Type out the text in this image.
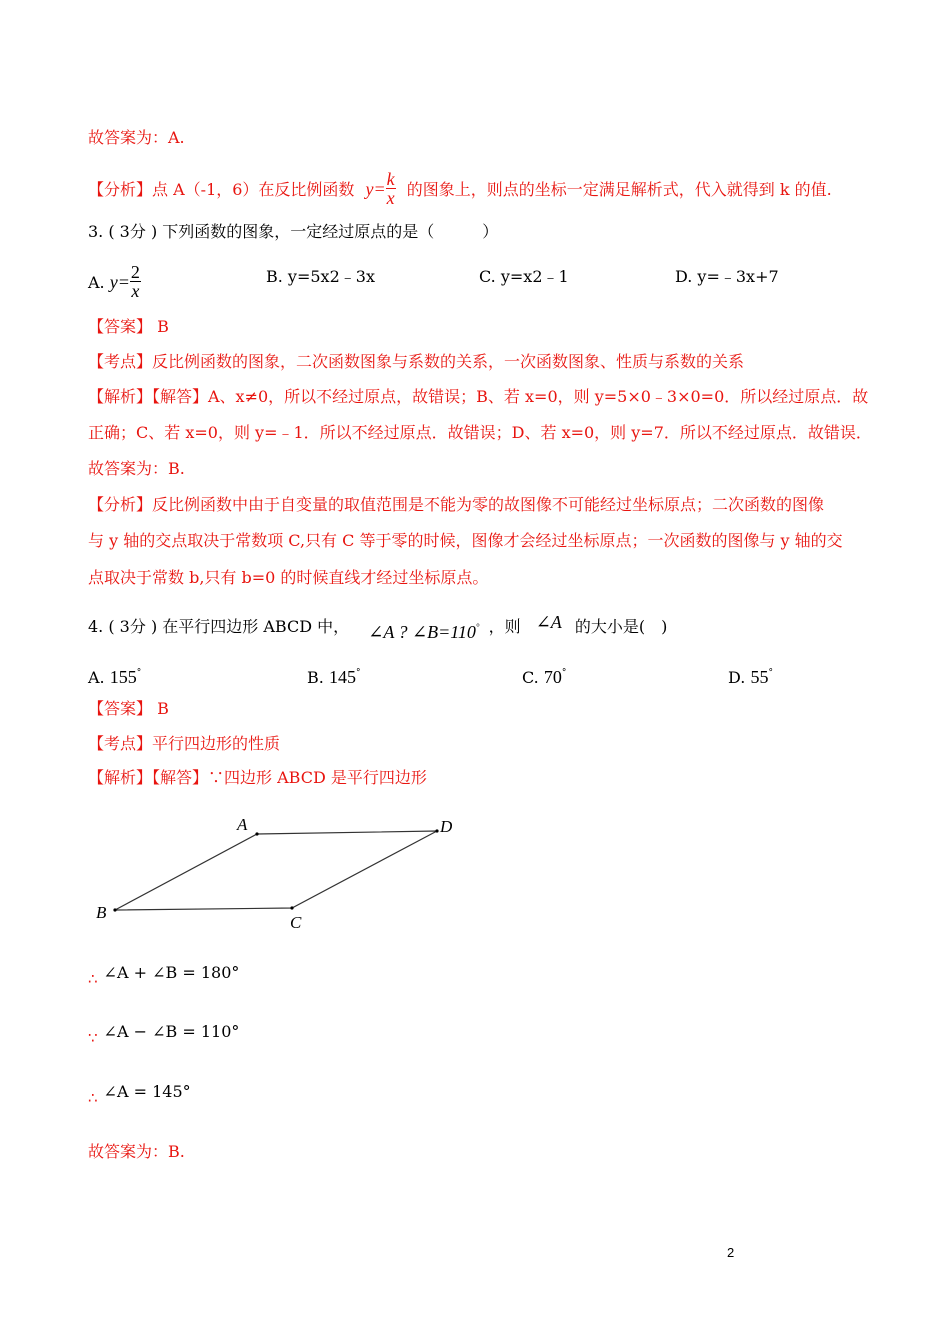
故答案为：A.
【分析】点 A（-1，6）在反比例函数 $y= \frac{k}{x}$ 的图象上，则点的坐标一定满足解析式，代入就得到 k 的值.
3. ( 3分 ) 下列函数的图象，一定经过原点的是（　　　）
A. $y= \frac{2}{x}$	B. y=5x2﹣3x	C. y=x2﹣1	D. y=﹣3x+7
【答案】 B
【考点】反比例函数的图象，二次函数图象与系数的关系，一次函数图象、性质与系数的关系
【解析】【解答】A、x≠0，所以不经过原点，故错误；B、若 x=0，则 y=5×0﹣3×0=0．所以经过原点．故
正确；C、若 x=0，则 y=﹣1．所以不经过原点．故错误；D、若 x=0，则 y=7．所以不经过原点．故错误．
故答案为：B.
【分析】反比例函数中由于自变量的取值范围是不能为零的故图像不可能经过坐标原点；二次函数的图像
与 y 轴的交点取决于常数项 C,只有 C 等于零的时候，图像才会经过坐标原点；一次函数的图像与 y 轴的交
点取决于常数 b,只有 b=0 的时候直线才经过坐标原点。
4. ( 3分 ) 在平行四边形 ABCD 中， ∠A ? ∠B=110° ，则 ∠A 的大小是(　)
A. 155°	B. 145°	C. 70°	D. 55°
【答案】 B
【考点】平行四边形的性质
【解析】【解答】∵四边形 ABCD 是平行四边形
A	D
B
C
∴ ∠A + ∠B = 180°
∵ ∠A − ∠B = 110°
∴ ∠A = 145°
故答案为：B.
2
